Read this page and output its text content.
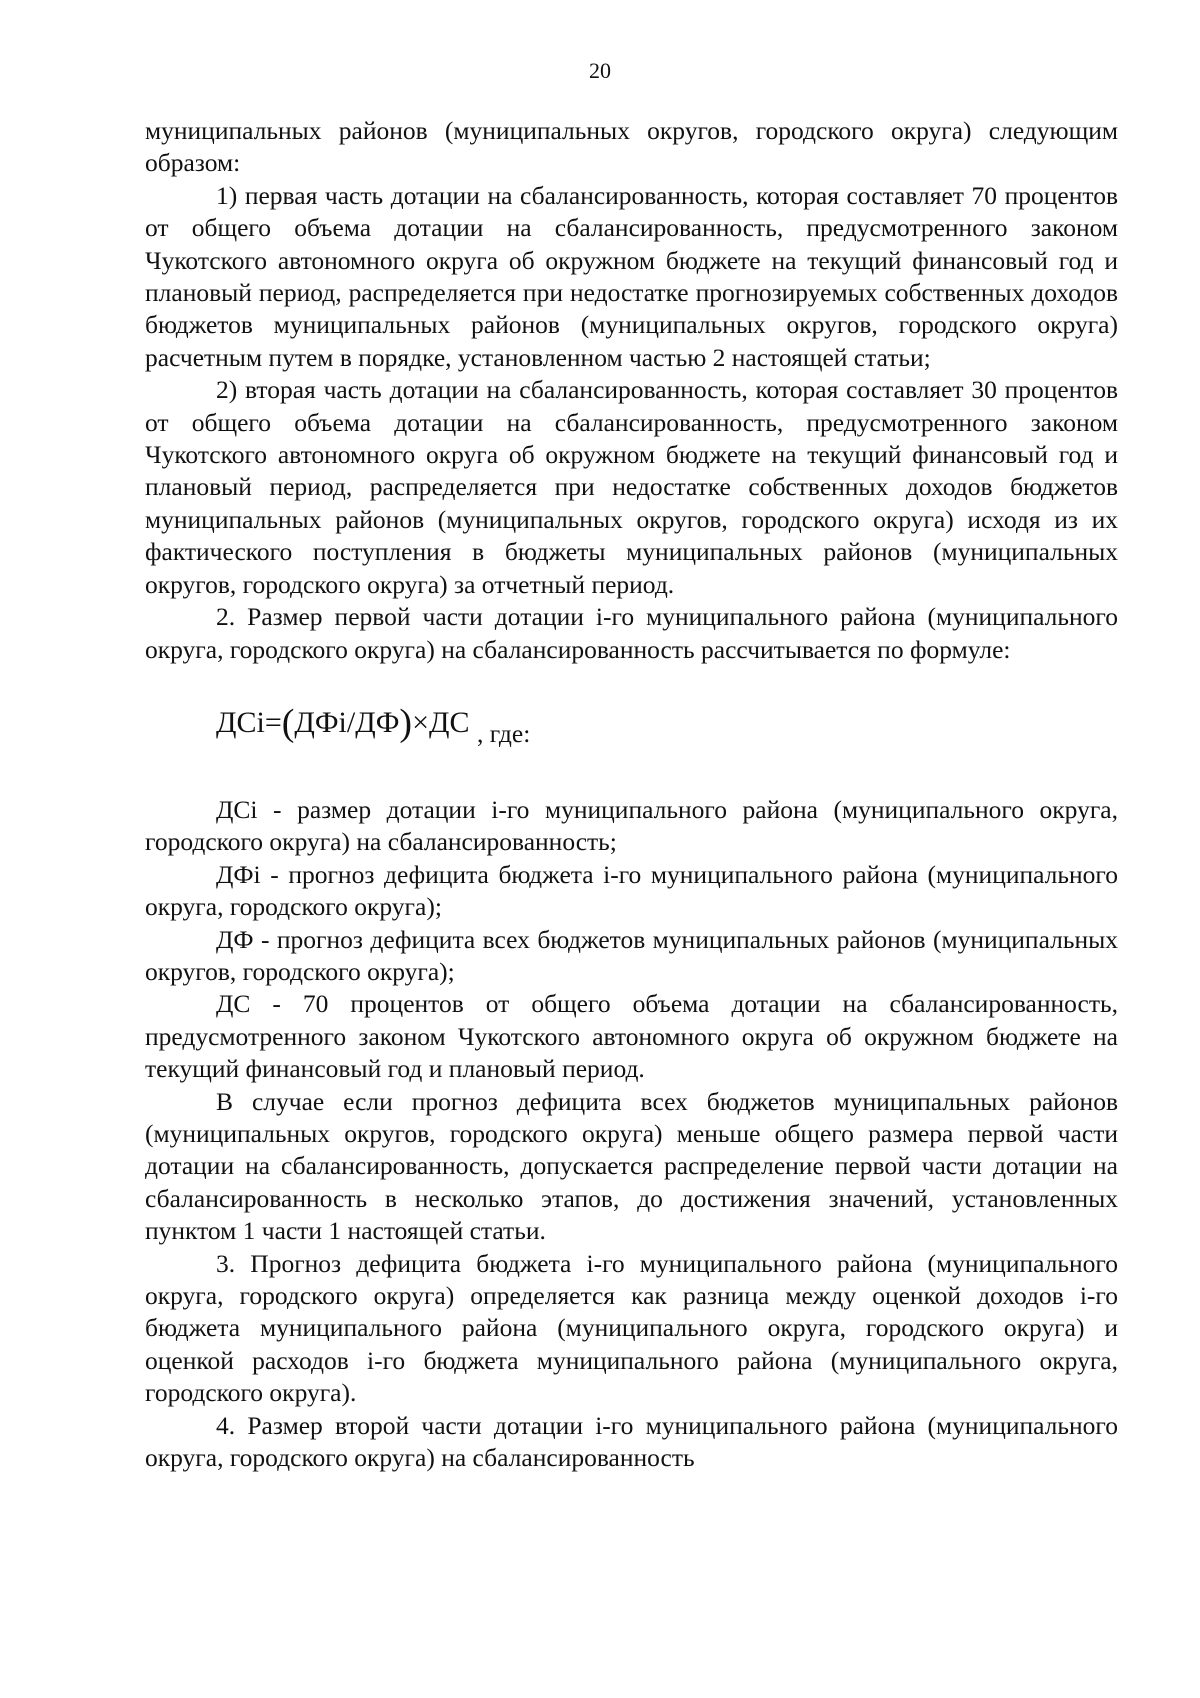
20

муниципальных районов (муниципальных округов, городского округа) следующим образом:

1) первая часть дотации на сбалансированность, которая составляет 70 процентов от общего объема дотации на сбалансированность, предусмотренного законом Чукотского автономного округа об окружном бюджете на текущий финансовый год и плановый период, распределяется при недостатке прогнозируемых собственных доходов бюджетов муниципальных районов (муниципальных округов, городского округа) расчетным путем в порядке, установленном частью 2 настоящей статьи;

2) вторая часть дотации на сбалансированность, которая составляет 30 процентов от общего объема дотации на сбалансированность, предусмотренного законом Чукотского автономного округа об окружном бюджете на текущий финансовый год и плановый период, распределяется при недостатке собственных доходов бюджетов муниципальных районов (муниципальных округов, городского округа) исходя из их фактического поступления в бюджеты муниципальных районов (муниципальных округов, городского округа) за отчетный период.

2. Размер первой части дотации i-го муниципального района (муниципального округа, городского округа) на сбалансированность рассчитывается по формуле:

ДСi=(ДФi/ДФ)×ДС $_{, где:}$

ДСi - размер дотации i-го муниципального района (муниципального округа, городского округа) на сбалансированность;

ДФi - прогноз дефицита бюджета i-го муниципального района (муниципального округа, городского округа);

ДФ - прогноз дефицита всех бюджетов муниципальных районов (муниципальных округов, городского округа);

ДС - 70 процентов от общего объема дотации на сбалансированность, предусмотренного законом Чукотского автономного округа об окружном бюджете на текущий финансовый год и плановый период.

В случае если прогноз дефицита всех бюджетов муниципальных районов (муниципальных округов, городского округа) меньше общего размера первой части дотации на сбалансированность, допускается распределение первой части дотации на сбалансированность в несколько этапов, до достижения значений, установленных пунктом 1 части 1 настоящей статьи.

3. Прогноз дефицита бюджета i-го муниципального района (муниципального округа, городского округа) определяется как разница между оценкой доходов i-го бюджета муниципального района (муниципального округа, городского округа) и оценкой расходов i-го бюджета муниципального района (муниципального округа, городского округа).

4. Размер второй части дотации i-го муниципального района (муниципального округа, городского округа) на сбалансированность
